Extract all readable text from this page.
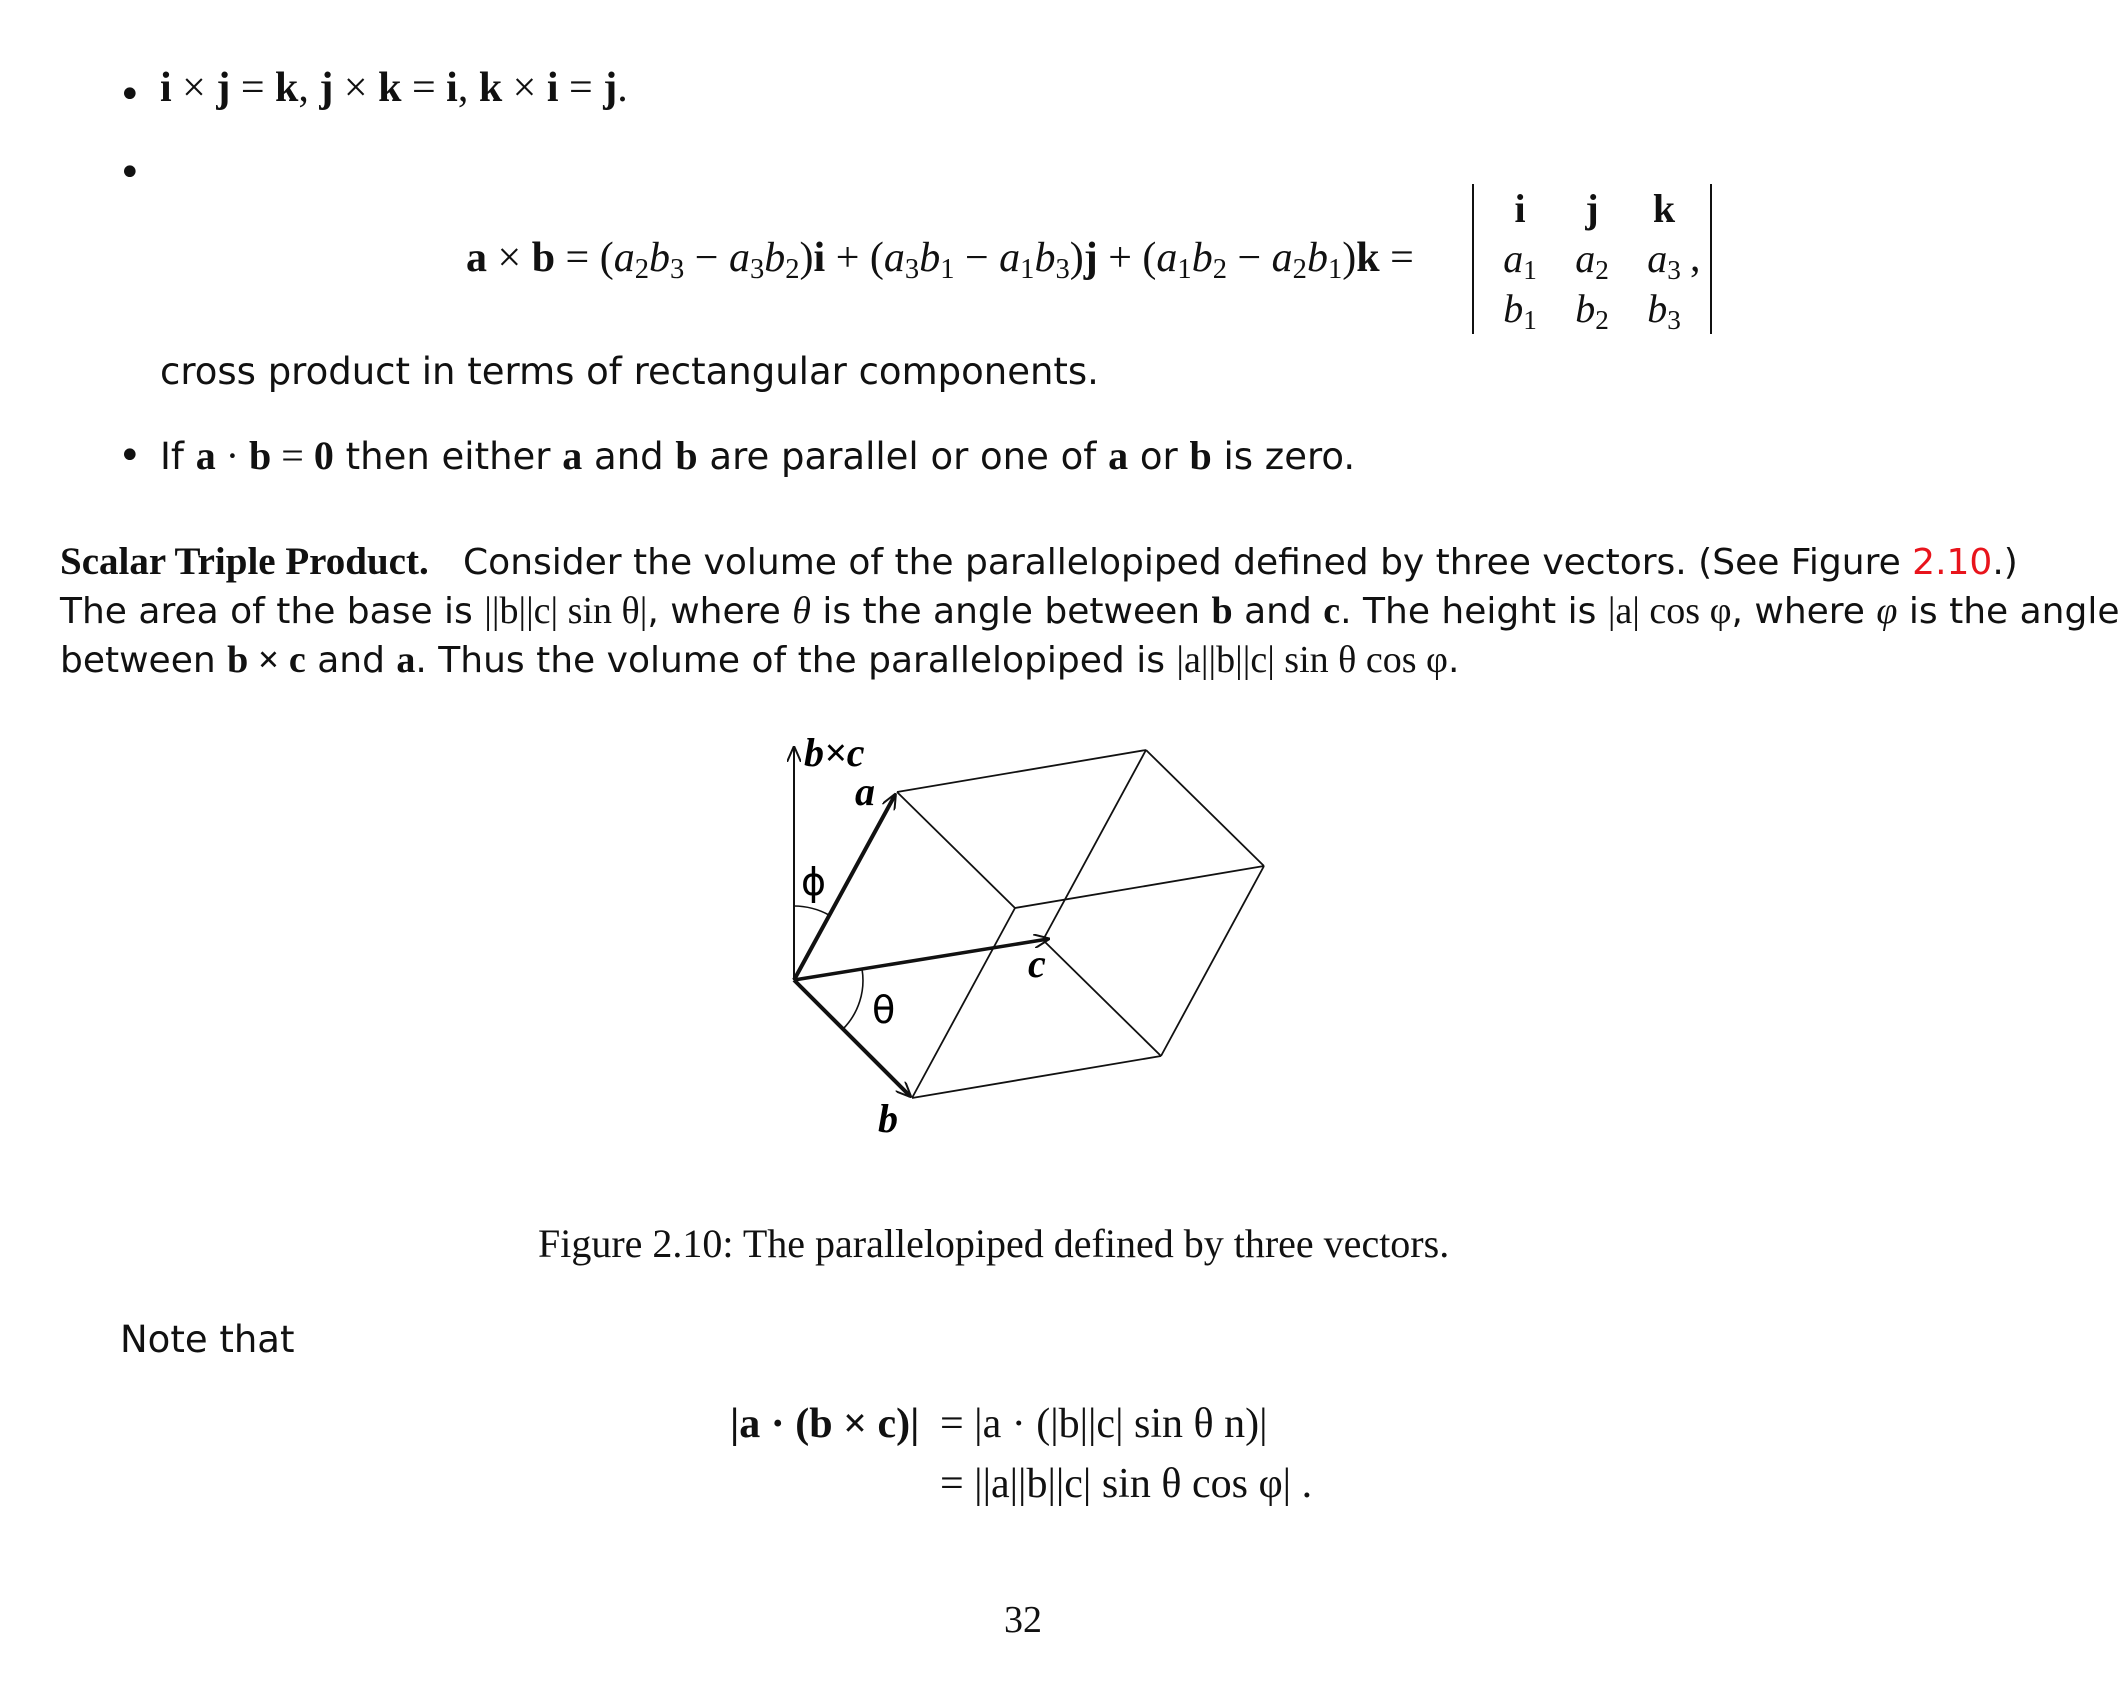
• i × j = k, j × k = i, k × i = j.
•
$a \times b = (a_2b_3 - a_3b_2)i + (a_3b_1 - a_1b_3)j + (a_1b_2 - a_2b_1)k$ =
i	j	k
$a_1$	$a_2$	$a_3$
$b_1$	$b_2$	$b_3$
,
cross product in terms of rectangular components.
• If a · b = 0 then either a and b are parallel or one of a or b is zero.
Scalar Triple Product. Consider the volume of the parallelopiped defined by three vectors. (See Figure 2.10.)
The area of the base is ||b||c| sin θ|, where θ is the angle between b and c. The height is |a| cos φ, where φ is the angle
between b × c and a. Thus the volume of the parallelopiped is |a||b||c| sin θ cos φ.
b×c
a
c
b
ϕ
θ
Figure 2.10: The parallelopiped defined by three vectors.
Note that
|a · (b × c)| = |a · (|b||c| sin θ n)|
= ||a||b||c| sin θ cos φ| .
32
